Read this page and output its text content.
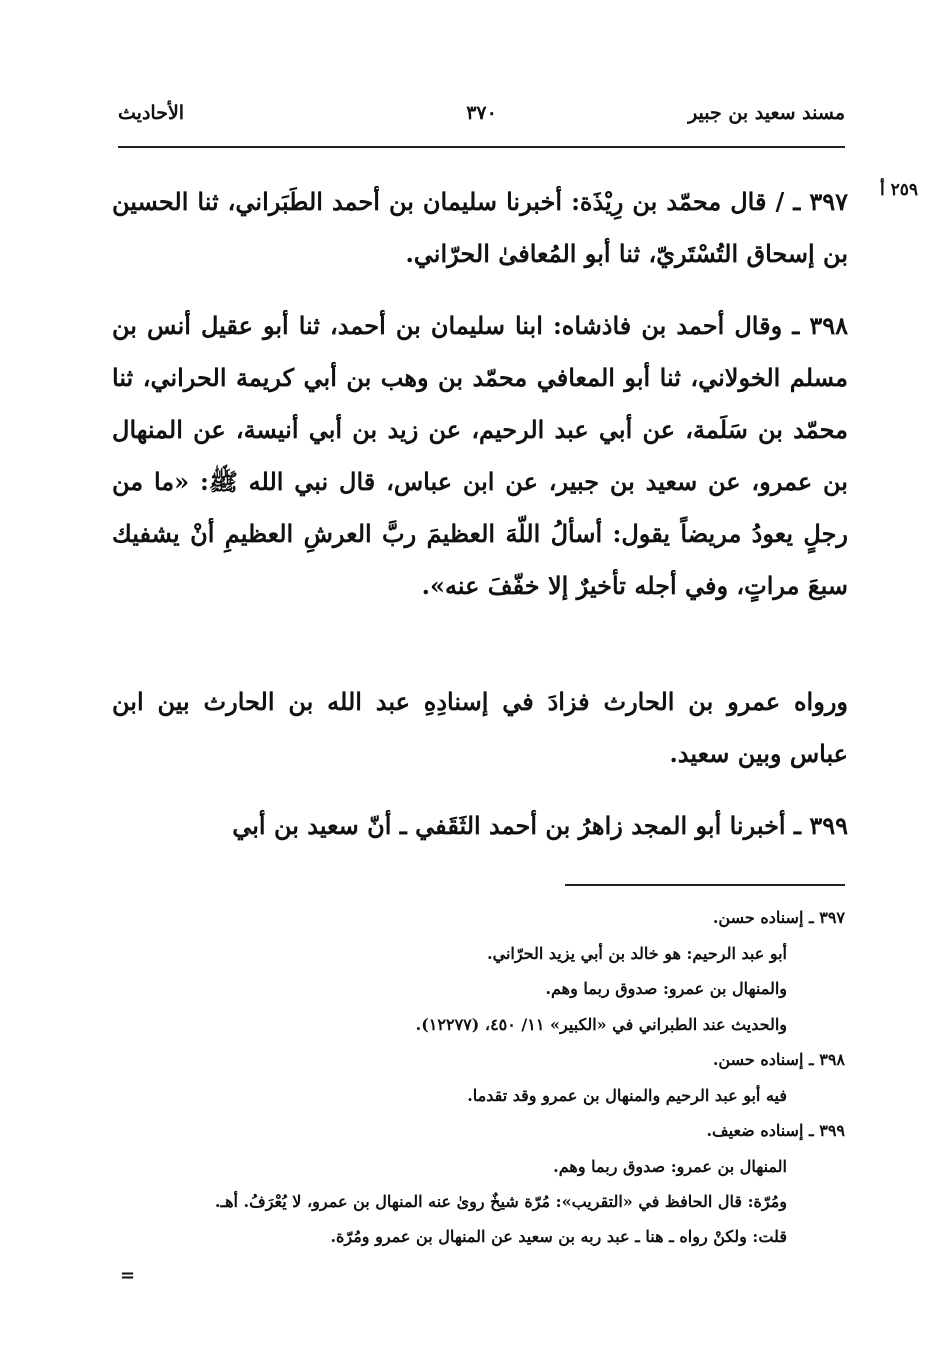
مسند سعيد بن جبير
٣٧٠
الأحاديث
٢٥٩ أ

٣٩٧ ـ / قال محمّد بن رِيْذَة: أخبرنا سليمان بن أحمد الطَبَراني، ثنا الحسين بن إسحاق التُسْتَريّ، ثنا أبو المُعافىٰ الحرّاني.

٣٩٨ ـ وقال أحمد بن فاذشاه: ابنا سليمان بن أحمد، ثنا أبو عقيل أنس بن مسلم الخولاني، ثنا أبو المعافي محمّد بن وهب بن أبي كريمة الحراني، ثنا محمّد بن سَلَمة، عن أبي عبد الرحيم، عن زيد بن أبي أنيسة، عن المنهال بن عمرو، عن سعيد بن جبير، عن ابن عباس، قال نبي الله ﷺ: «ما من رجلٍ يعودُ مريضاً يقول: أسألُ اللّهَ العظيمَ ربَّ العرشِ العظيمِ أنْ يشفيك سبعَ مراتٍ، وفي أجله تأخيرٌ إلا خفّفَ عنه».

ورواه عمرو بن الحارث فزادَ في إسنادِهِ عبد الله بن الحارث بين ابن عباس وبين سعيد.

٣٩٩ ـ أخبرنا أبو المجد زاهرُ بن أحمد الثَقَفي ـ أنّ سعيد بن أبي

٣٩٧ ـ إسناده حسن.

أبو عبد الرحيم: هو خالد بن أبي يزيد الحرّاني.

والمنهال بن عمرو: صدوق ربما وهم.

والحديث عند الطبراني في «الكبير» ١١/ ٤٥٠، (١٢٢٧٧).

٣٩٨ ـ إسناده حسن.

فيه أبو عبد الرحيم والمنهال بن عمرو وقد تقدما.

٣٩٩ ـ إسناده ضعيف.

المنهال بن عمرو: صدوق ربما وهم.

ومُرّة: قال الحافظ في «التقريب»: مُرّة شيخٌ روىٰ عنه المنهال بن عمرو، لا يُعْرَفُ. أهـ.

قلت: ولكنْ رواه ـ هنا ـ عبد ربه بن سعيد عن المنهال بن عمرو ومُرّة.

=
